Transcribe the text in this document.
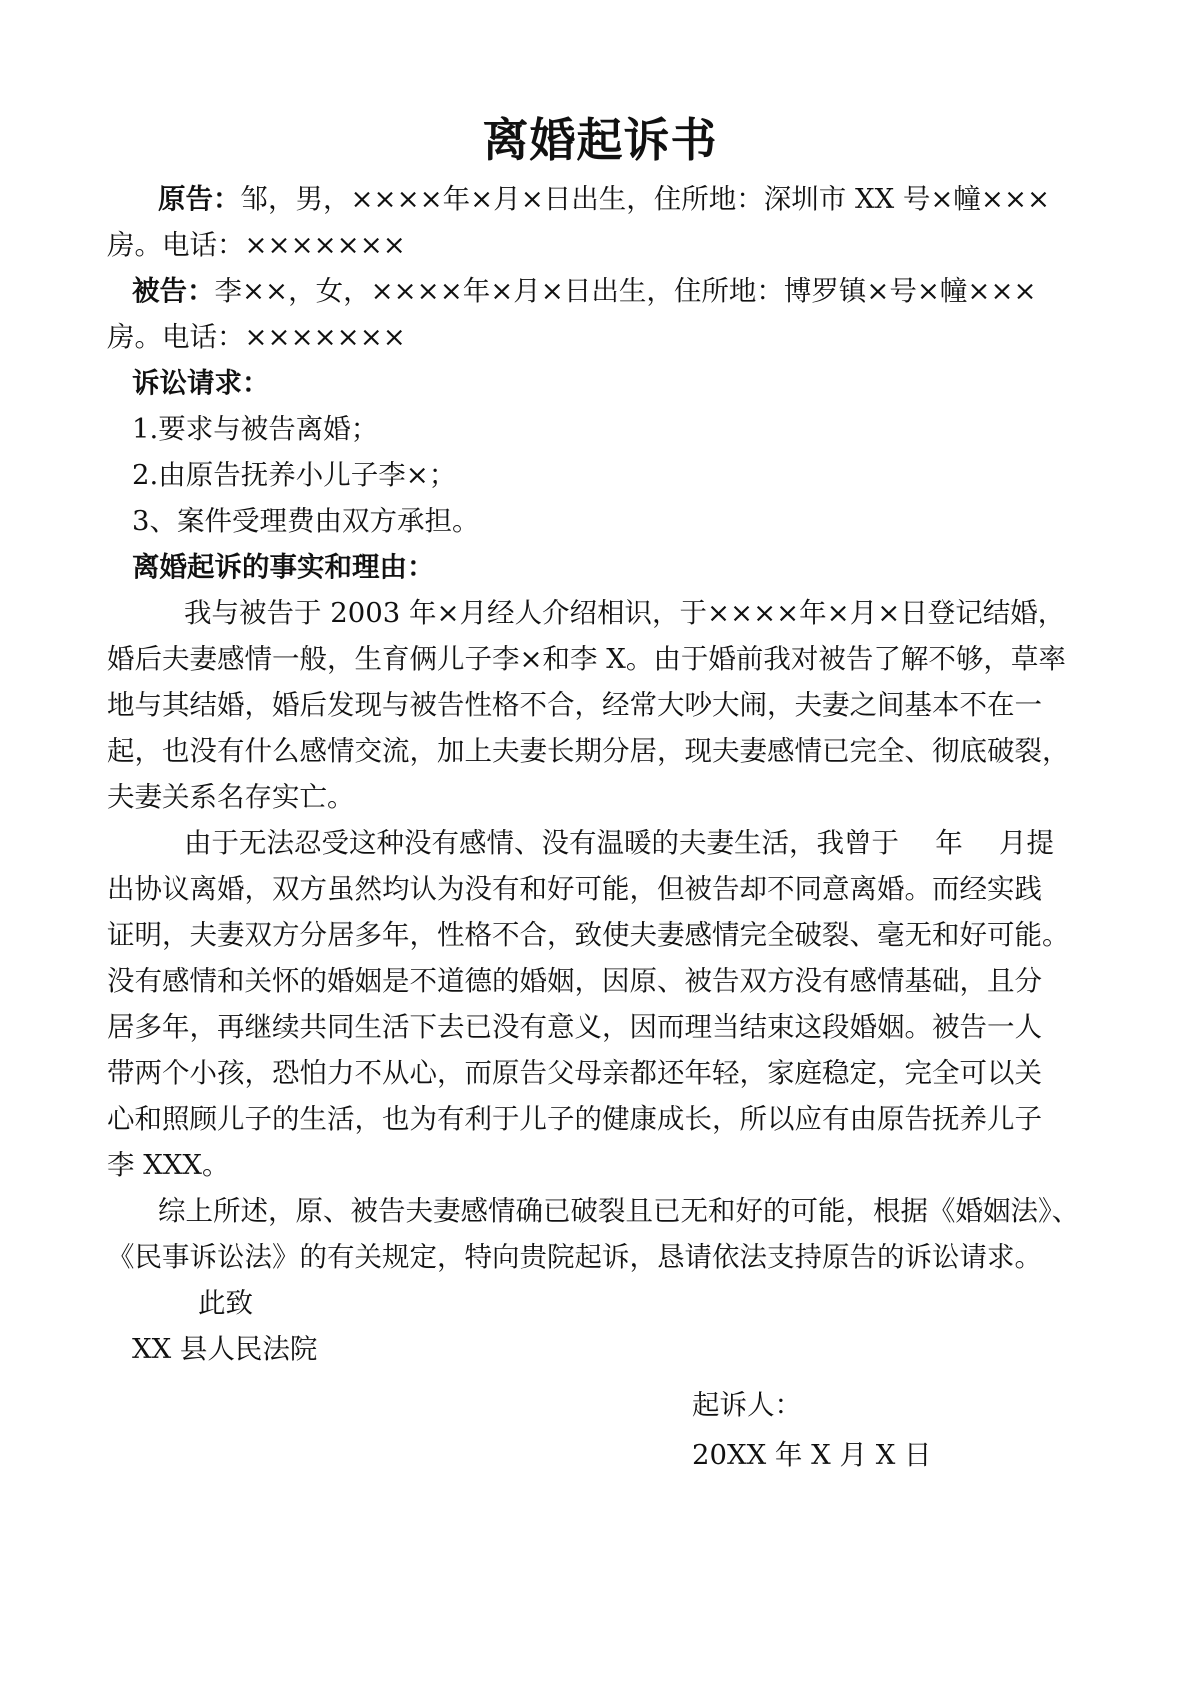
离婚起诉书
原告：邹，男，××××年×月×日出生，住所地：深圳市 XX 号×幢×××
房。电话：×××××××
被告：李××，女，××××年×月×日出生，住所地：博罗镇×号×幢×××
房。电话：×××××××
诉讼请求：
1.要求与被告离婚；
2.由原告抚养小儿子李×；
3、案件受理费由双方承担。
离婚起诉的事实和理由：
我与被告于 2003 年×月经人介绍相识，于××××年×月×日登记结婚，
婚后夫妻感情一般，生育俩儿子李×和李 X。由于婚前我对被告了解不够，草率
地与其结婚，婚后发现与被告性格不合，经常大吵大闹，夫妻之间基本不在一
起，也没有什么感情交流，加上夫妻长期分居，现夫妻感情已完全、彻底破裂，
夫妻关系名存实亡。
由于无法忍受这种没有感情、没有温暖的夫妻生活，我曾于　 年　 月提
出协议离婚，双方虽然均认为没有和好可能，但被告却不同意离婚。而经实践
证明，夫妻双方分居多年，性格不合，致使夫妻感情完全破裂、毫无和好可能。
没有感情和关怀的婚姻是不道德的婚姻，因原、被告双方没有感情基础，且分
居多年，再继续共同生活下去已没有意义，因而理当结束这段婚姻。被告一人
带两个小孩，恐怕力不从心，而原告父母亲都还年轻，家庭稳定，完全可以关
心和照顾儿子的生活，也为有利于儿子的健康成长，所以应有由原告抚养儿子
李 XXX。
综上所述，原、被告夫妻感情确已破裂且已无和好的可能，根据《婚姻法》、
《民事诉讼法》的有关规定，特向贵院起诉，恳请依法支持原告的诉讼请求。
此致
XX 县人民法院
起诉人：
20XX 年 X 月 X 日
